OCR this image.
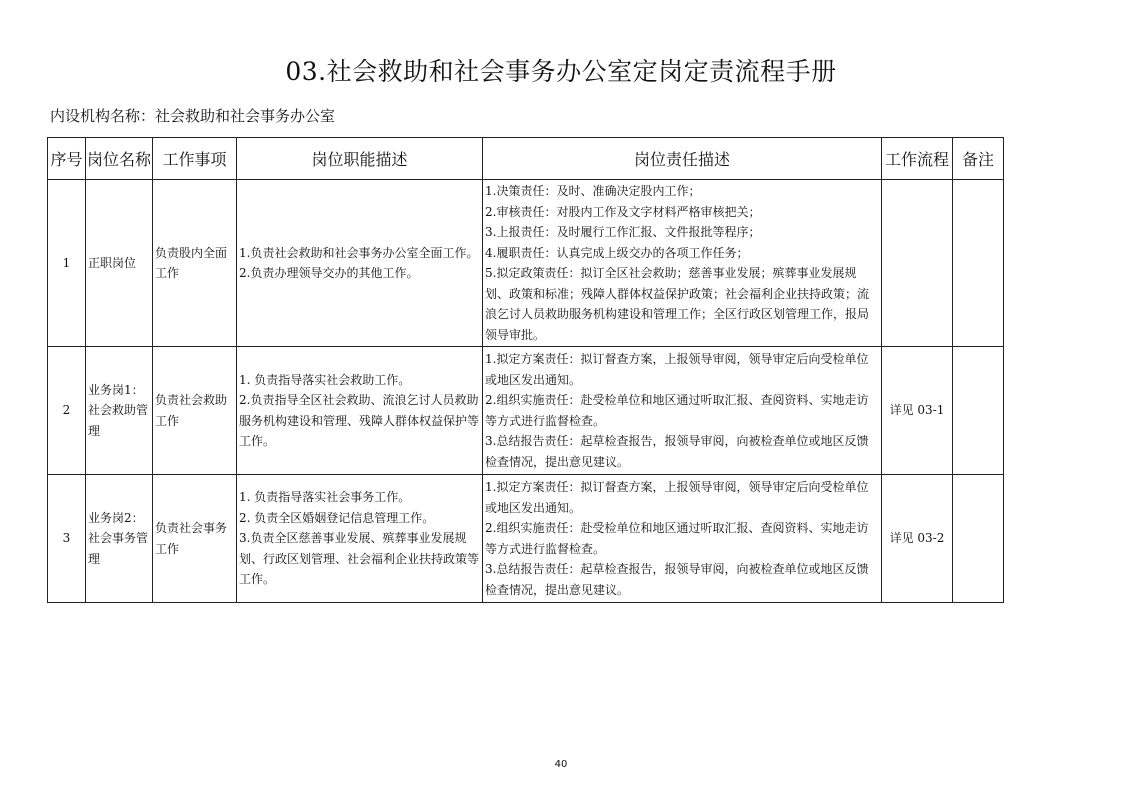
03.社会救助和社会事务办公室定岗定责流程手册
内设机构名称：社会救助和社会事务办公室
序号	岗位名称	工作事项	岗位职能描述	岗位责任描述	工作流程	备注
1	正职岗位	负责股内全面工作	1.负责社会救助和社会事务办公室全面工作。
2.负责办理领导交办的其他工作。	1.决策责任：及时、准确决定股内工作；
2.审核责任：对股内工作及文字材料严格审核把关；
3.上报责任：及时履行工作汇报、文件报批等程序；
4.履职责任：认真完成上级交办的各项工作任务；
5.拟定政策责任：拟订全区社会救助；慈善事业发展；殡葬事业发展规划、政策和标准；残障人群体权益保护政策；社会福利企业扶持政策；流浪乞讨人员救助服务机构建设和管理工作；全区行政区划管理工作，报局领导审批。		

2	业务岗1：社会救助管理	负责社会救助工作	1. 负责指导落实社会救助工作。
2.负责指导全区社会救助、流浪乞讨人员救助服务机构建设和管理、残障人群体权益保护等工作。	1.拟定方案责任：拟订督查方案，上报领导审阅，领导审定后向受检单位或地区发出通知。
2.组织实施责任：赴受检单位和地区通过听取汇报、查阅资料、实地走访等方式进行监督检查。
3.总结报告责任：起草检查报告，报领导审阅，向被检查单位或地区反馈检查情况，提出意见建议。	详见 03-1	
3	业务岗2：社会事务管理	负责社会事务工作	1. 负责指导落实社会事务工作。
2. 负责全区婚姻登记信息管理工作。
3.负责全区慈善事业发展、殡葬事业发展规划、行政区划管理、社会福利企业扶持政策等工作。	1.拟定方案责任：拟订督查方案，上报领导审阅，领导审定后向受检单位或地区发出通知。
2.组织实施责任：赴受检单位和地区通过听取汇报、查阅资料、实地走访等方式进行监督检查。
3.总结报告责任：起草检查报告，报领导审阅，向被检查单位或地区反馈检查情况，提出意见建议。	详见 03-2	
40
